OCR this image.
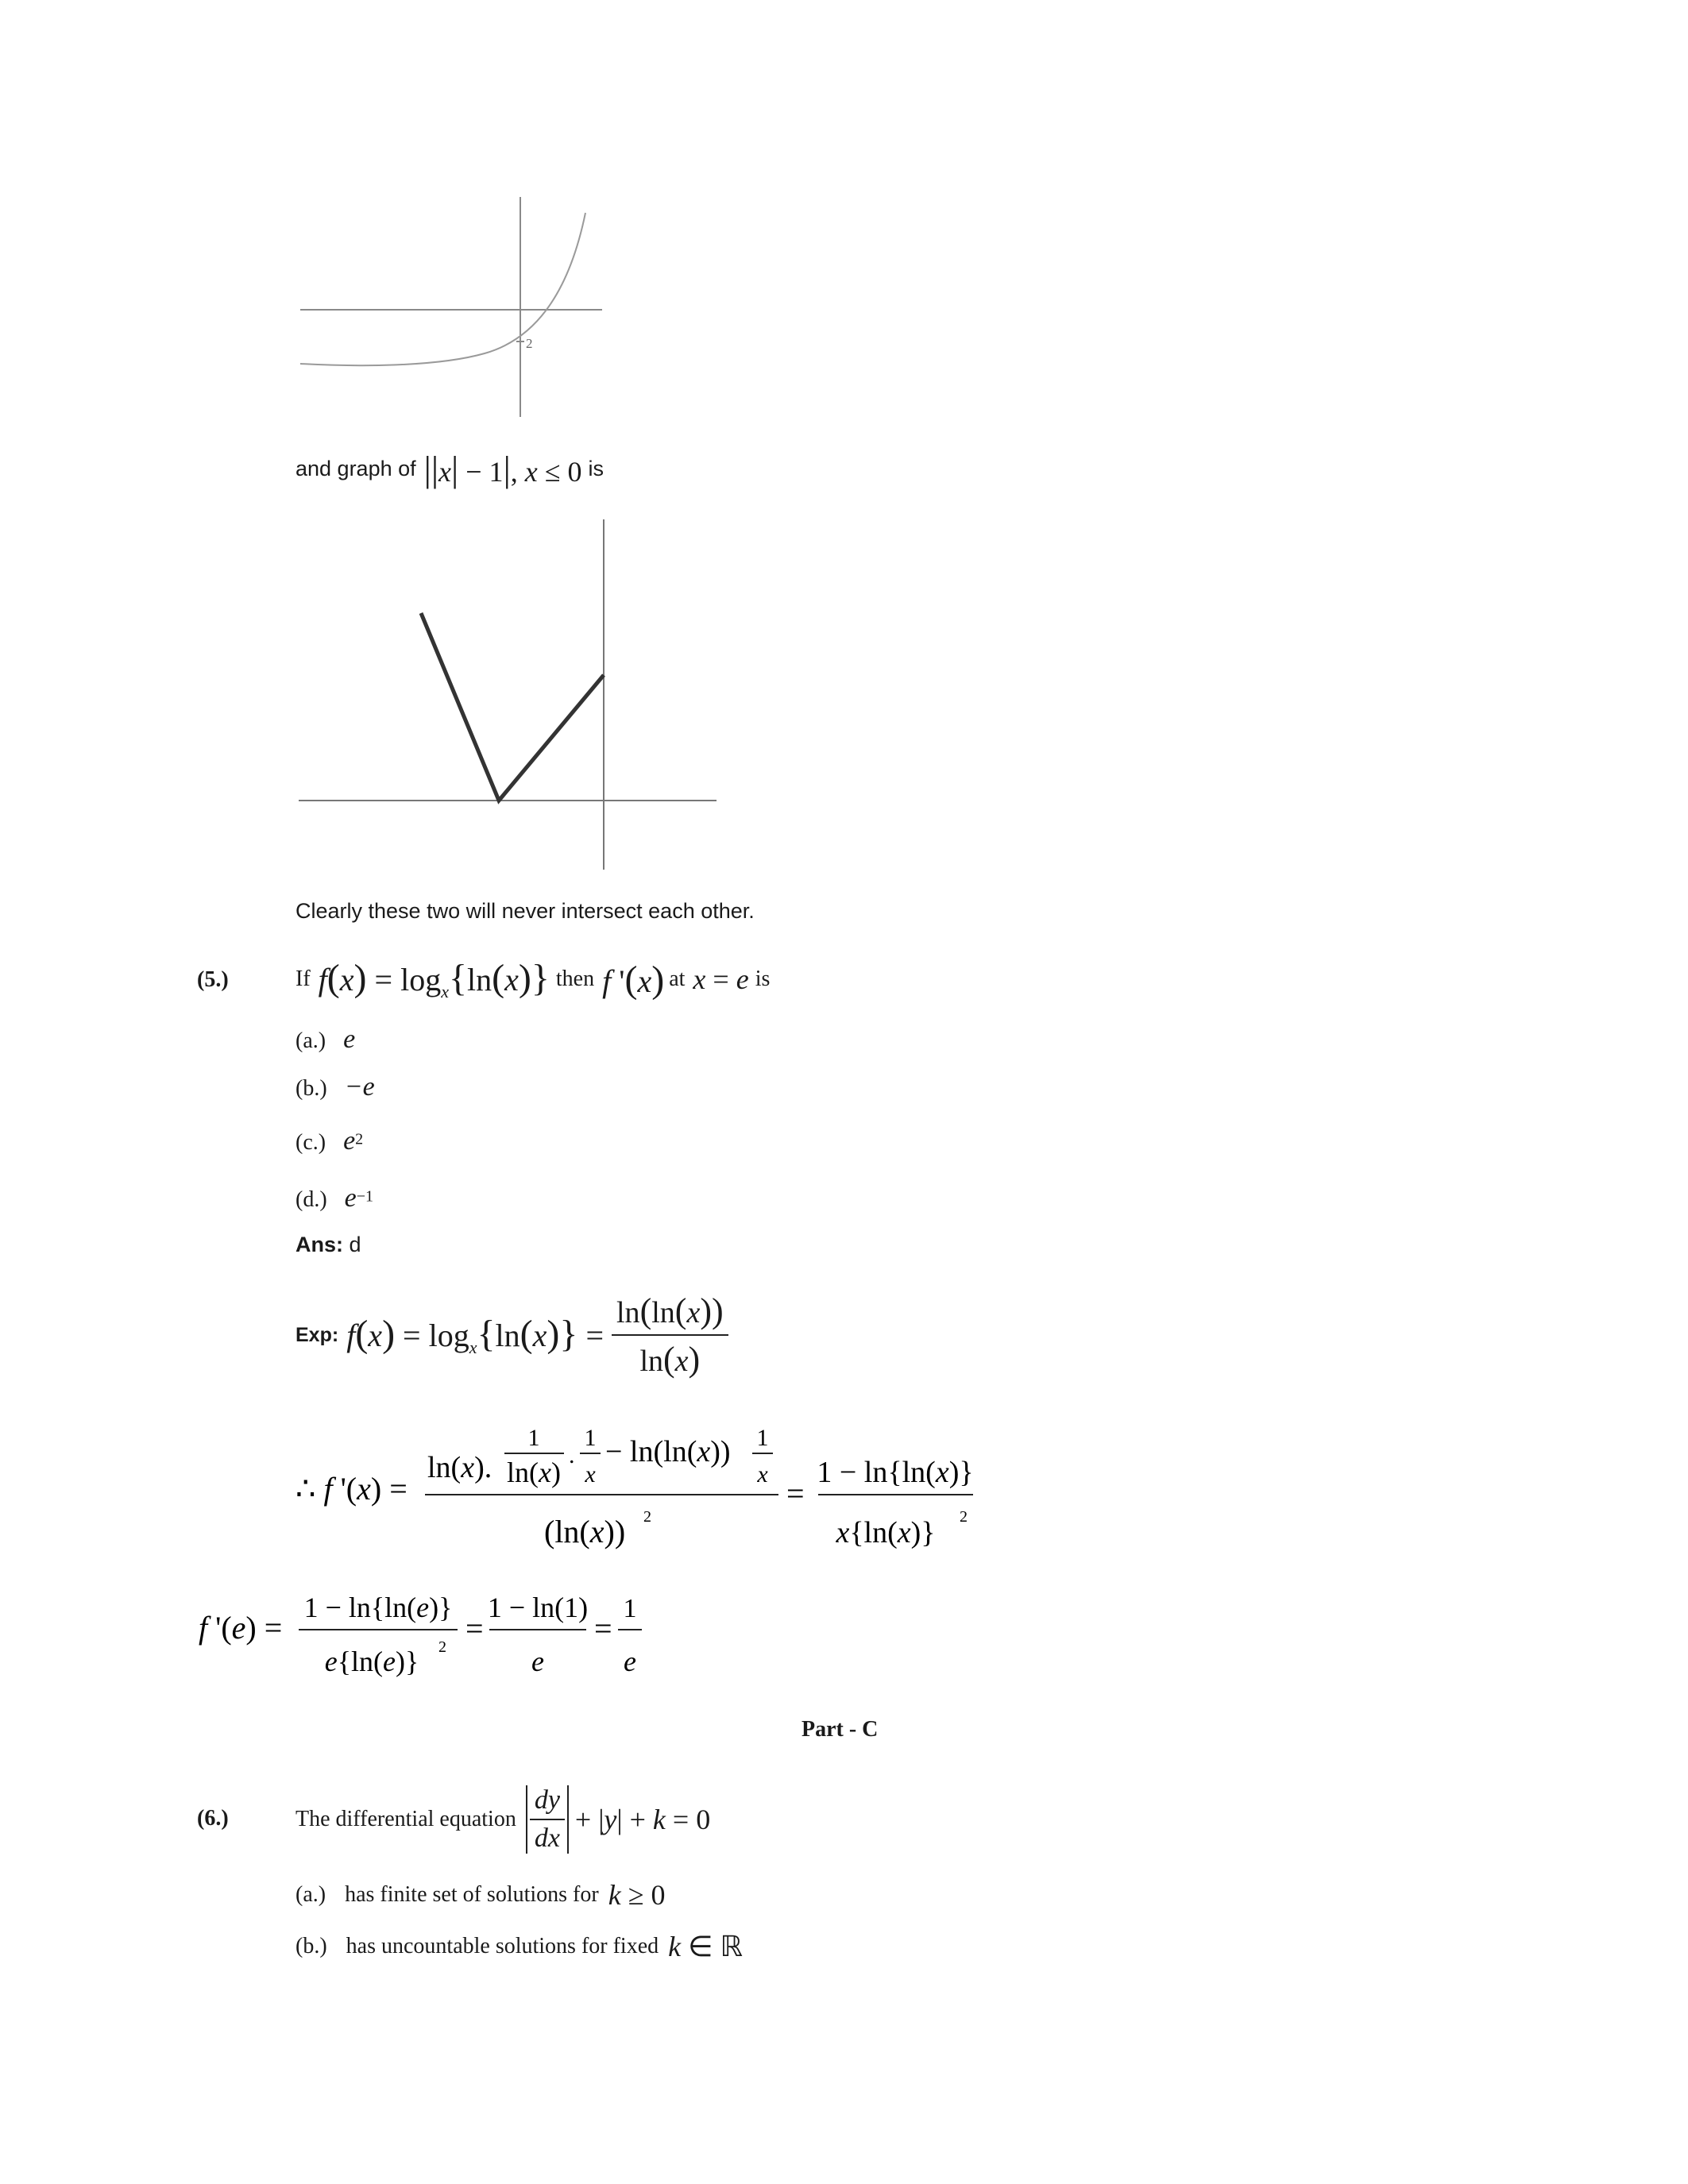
2
and graph of ||x| − 1|, x ≤ 0 is
Clearly these two will never intersect each other.
(5.)	If $f(x) = \log_x\{\ln(x)\}$ then f '(x) at x = e is
(a.) e
(b.) −e
(c.) $e^2$
(d.) $e^{-1}$
Ans: d
Exp: $f(x) = \log_x\{\ln(x)\} = \frac{\ln(\ln(x))}{\ln(x)}$
∴ f '(x) =
ln(x).
1
ln(x)
.
1
x
− ln(ln(x)) 1
x
(ln(x)) 2
=
1 − ln{ln(x)}
x{ln(x)} 2
f '(e) =
1 − ln{ln(e)}
e{ln(e)} 2
=
1 − ln(1)
e
=
1
e
Part - C
(6.)	The differential equation $\frac{dy}{dx} + |y| + k = 0$
(a.) has finite set of solutions for k ≥ 0
(b.) has uncountable solutions for fixed k ∈ ℝ
